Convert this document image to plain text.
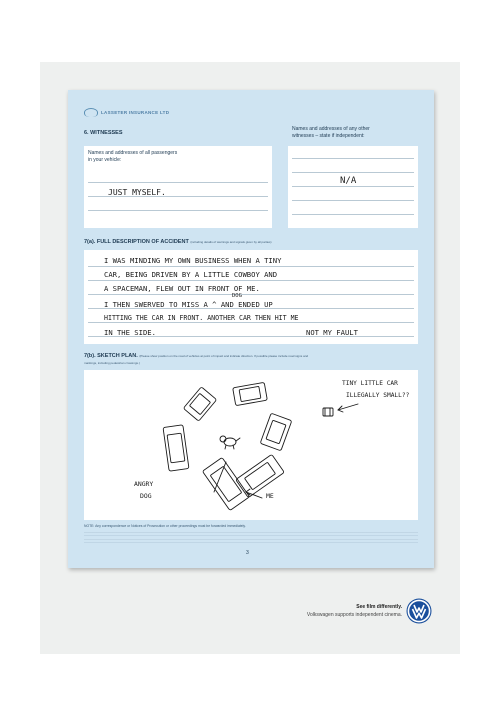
LASSETER INSURANCE LTD
6. WITNESSES
Names and addresses of any other
witnesses – state if independent:
Names and addresses of all passengers
in your vehicle:
JUST MYSELF.
N/A
7(a). FULL DESCRIPTION OF ACCIDENT (including details of warnings and signals given by all parties)
I WAS MINDING MY OWN BUSINESS WHEN A TINY
CAR, BEING DRIVEN BY A LITTLE COWBOY AND
A SPACEMAN, FLEW OUT IN FRONT OF ME.
DOG
I THEN SWERVED TO MISS A ^ AND ENDED UP
HITTING THE CAR IN FRONT. ANOTHER CAR THEN HIT ME
IN THE SIDE.	NOT MY FAULT
7(b). SKETCH PLAN. (Please show position on the road of vehicles at point of impact and indicate direction. If possible please include road signs and
markings, including pedestrian crossings.)
TINY LITTLE CAR
ILLEGALLY SMALL??
ANGRY
DOG	ME
NOTE: Any correspondence or Notices of Prosecution or other proceedings must be forwarded immediately.
3
See film differently.
Volkswagen supports independent cinema.
